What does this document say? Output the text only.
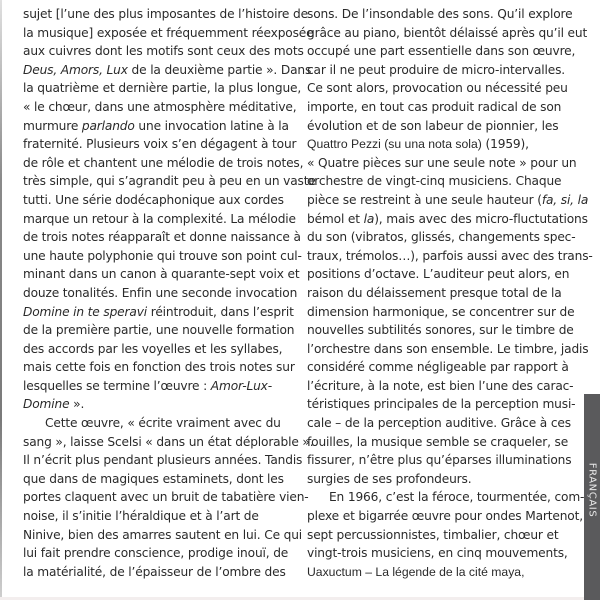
sujet [l’une des plus imposantes de l’histoire de
la musique] exposée et fréquemment réexposée
aux cuivres dont les motifs sont ceux des mots
Deus, Amors, Lux de la deuxième partie ». Dans
la quatrième et dernière partie, la plus longue,
« le chœur, dans une atmosphère méditative,
murmure parlando une invocation latine à la
fraternité. Plusieurs voix s’en dégagent à tour
de rôle et chantent une mélodie de trois notes,
très simple, qui s’agrandit peu à peu en un vaste
tutti. Une série dodécaphonique aux cordes
marque un retour à la complexité. La mélodie
de trois notes réapparaît et donne naissance à
une haute polyphonie qui trouve son point cul-
minant dans un canon à quarante-sept voix et
douze tonalités. Enfin une seconde invocation
Domine in te speravi réintroduit, dans l’esprit
de la première partie, une nouvelle formation
des accords par les voyelles et les syllabes,
mais cette fois en fonction des trois notes sur
lesquelles se termine l’œuvre : Amor-Lux-
Domine ».
Cette œuvre, « écrite vraiment avec du
sang », laisse Scelsi « dans un état déplorable ».
Il n’écrit plus pendant plusieurs années. Tandis
que dans de magiques estaminets, dont les
portes claquent avec un bruit de tabatière vien-
noise, il s’initie l’héraldique et à l’art de
Ninive, bien des amarres sautent en lui. Ce qui
lui fait prendre conscience, prodige inouï, de
la matérialité, de l’épaisseur de l’ombre des
sons. De l’insondable des sons. Qu’il explore
grâce au piano, bientôt délaissé après qu’il eut
occupé une part essentielle dans son œuvre,
car il ne peut produire de micro-intervalles.
Ce sont alors, provocation ou nécessité peu
importe, en tout cas produit radical de son
évolution et de son labeur de pionnier, les
Quattro Pezzi (su una nota sola) (1959),
« Quatre pièces sur une seule note » pour un
orchestre de vingt-cinq musiciens. Chaque
pièce se restreint à une seule hauteur (fa, si, la
bémol et la), mais avec des micro-fluctutations
du son (vibratos, glissés, changements spec-
traux, trémolos…), parfois aussi avec des trans-
positions d’octave. L’auditeur peut alors, en
raison du délaissement presque total de la
dimension harmonique, se concentrer sur de
nouvelles subtilités sonores, sur le timbre de
l’orchestre dans son ensemble. Le timbre, jadis
considéré comme négligeable par rapport à
l’écriture, à la note, est bien l’une des carac-
téristiques principales de la perception musi-
cale – de la perception auditive. Grâce à ces
fouilles, la musique semble se craqueler, se
fissurer, n’être plus qu’éparses illuminations
surgies de ses profondeurs.
En 1966, c’est la féroce, tourmentée, com-
plexe et bigarrée œuvre pour ondes Martenot,
sept percussionnistes, timbalier, chœur et
vingt-trois musiciens, en cinq mouvements,
Uaxuctum – La légende de la cité maya,
FRANÇAIS
